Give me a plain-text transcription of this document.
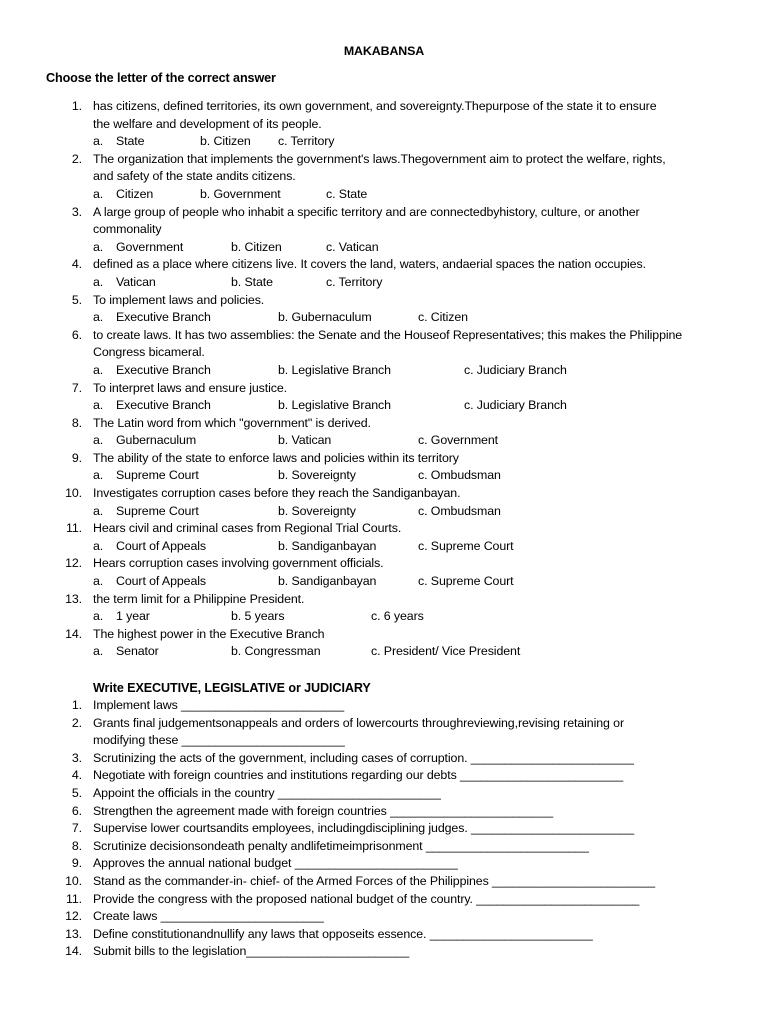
MAKABANSA
Choose the letter of the correct answer
1. has citizens, defined territories, its own government, and sovereignty.Thepurpose of the state it to ensure
the welfare and development of its people.
a. State	b. Citizen c. Territory
2. The organization that implements the government's laws.Thegovernment aim to protect the welfare, rights,
and safety of the state andits citizens.
a. Citizen	b. Government	c. State
3. A large group of people who inhabit a specific territory and are connectedbyhistory, culture, or another
commonality
a. Government	b. Citizen	c. Vatican
4. defined as a place where citizens live. It covers the land, waters, andaerial spaces the nation occupies.
a. Vatican	b. State	c. Territory
5. To implement laws and policies.
a. Executive Branch	b. Gubernaculum	c. Citizen
6. to create laws. It has two assemblies: the Senate and the Houseof Representatives; this makes the Philippine
Congress bicameral.
a. Executive Branch	b. Legislative Branch	c. Judiciary Branch
7. To interpret laws and ensure justice.
a. Executive Branch	b. Legislative Branch	c. Judiciary Branch
8. The Latin word from which "government" is derived.
a. Gubernaculum	b. Vatican	c. Government
9. The ability of the state to enforce laws and policies within its territory
a. Supreme Court	b. Sovereignty	c. Ombudsman
10. Investigates corruption cases before they reach the Sandiganbayan.
a. Supreme Court	b. Sovereignty	c. Ombudsman
11. Hears civil and criminal cases from Regional Trial Courts.
a. Court of Appeals	b. Sandiganbayan	c. Supreme Court
12. Hears corruption cases involving government officials.
a. Court of Appeals	b. Sandiganbayan	c. Supreme Court
13. the term limit for a Philippine President.
a. 1 year	b. 5 years	c. 6 years
14. The highest power in the Executive Branch
a. Senator	b. Congressman	c. President/ Vice President
Write EXECUTIVE, LEGISLATIVE or JUDICIARY
1. Implement laws ________________________
2. Grants final judgementsonappeals and orders of lowercourts throughreviewing,revising retaining or
modifying these ________________________
3. Scrutinizing the acts of the government, including cases of corruption. ________________________
4. Negotiate with foreign countries and institutions regarding our debts ________________________
5. Appoint the officials in the country ________________________
6. Strengthen the agreement made with foreign countries ________________________
7. Supervise lower courtsandits employees, includingdisciplining judges. ________________________
8. Scrutinize decisionsondeath penalty andlifetimeimprisonment ________________________
9. Approves the annual national budget ________________________
10. Stand as the commander-in- chief- of the Armed Forces of the Philippines ________________________
11. Provide the congress with the proposed national budget of the country. ________________________
12. Create laws ________________________
13. Define constitutionandnullify any laws that opposeits essence. ________________________
14. Submit bills to the legislation________________________
